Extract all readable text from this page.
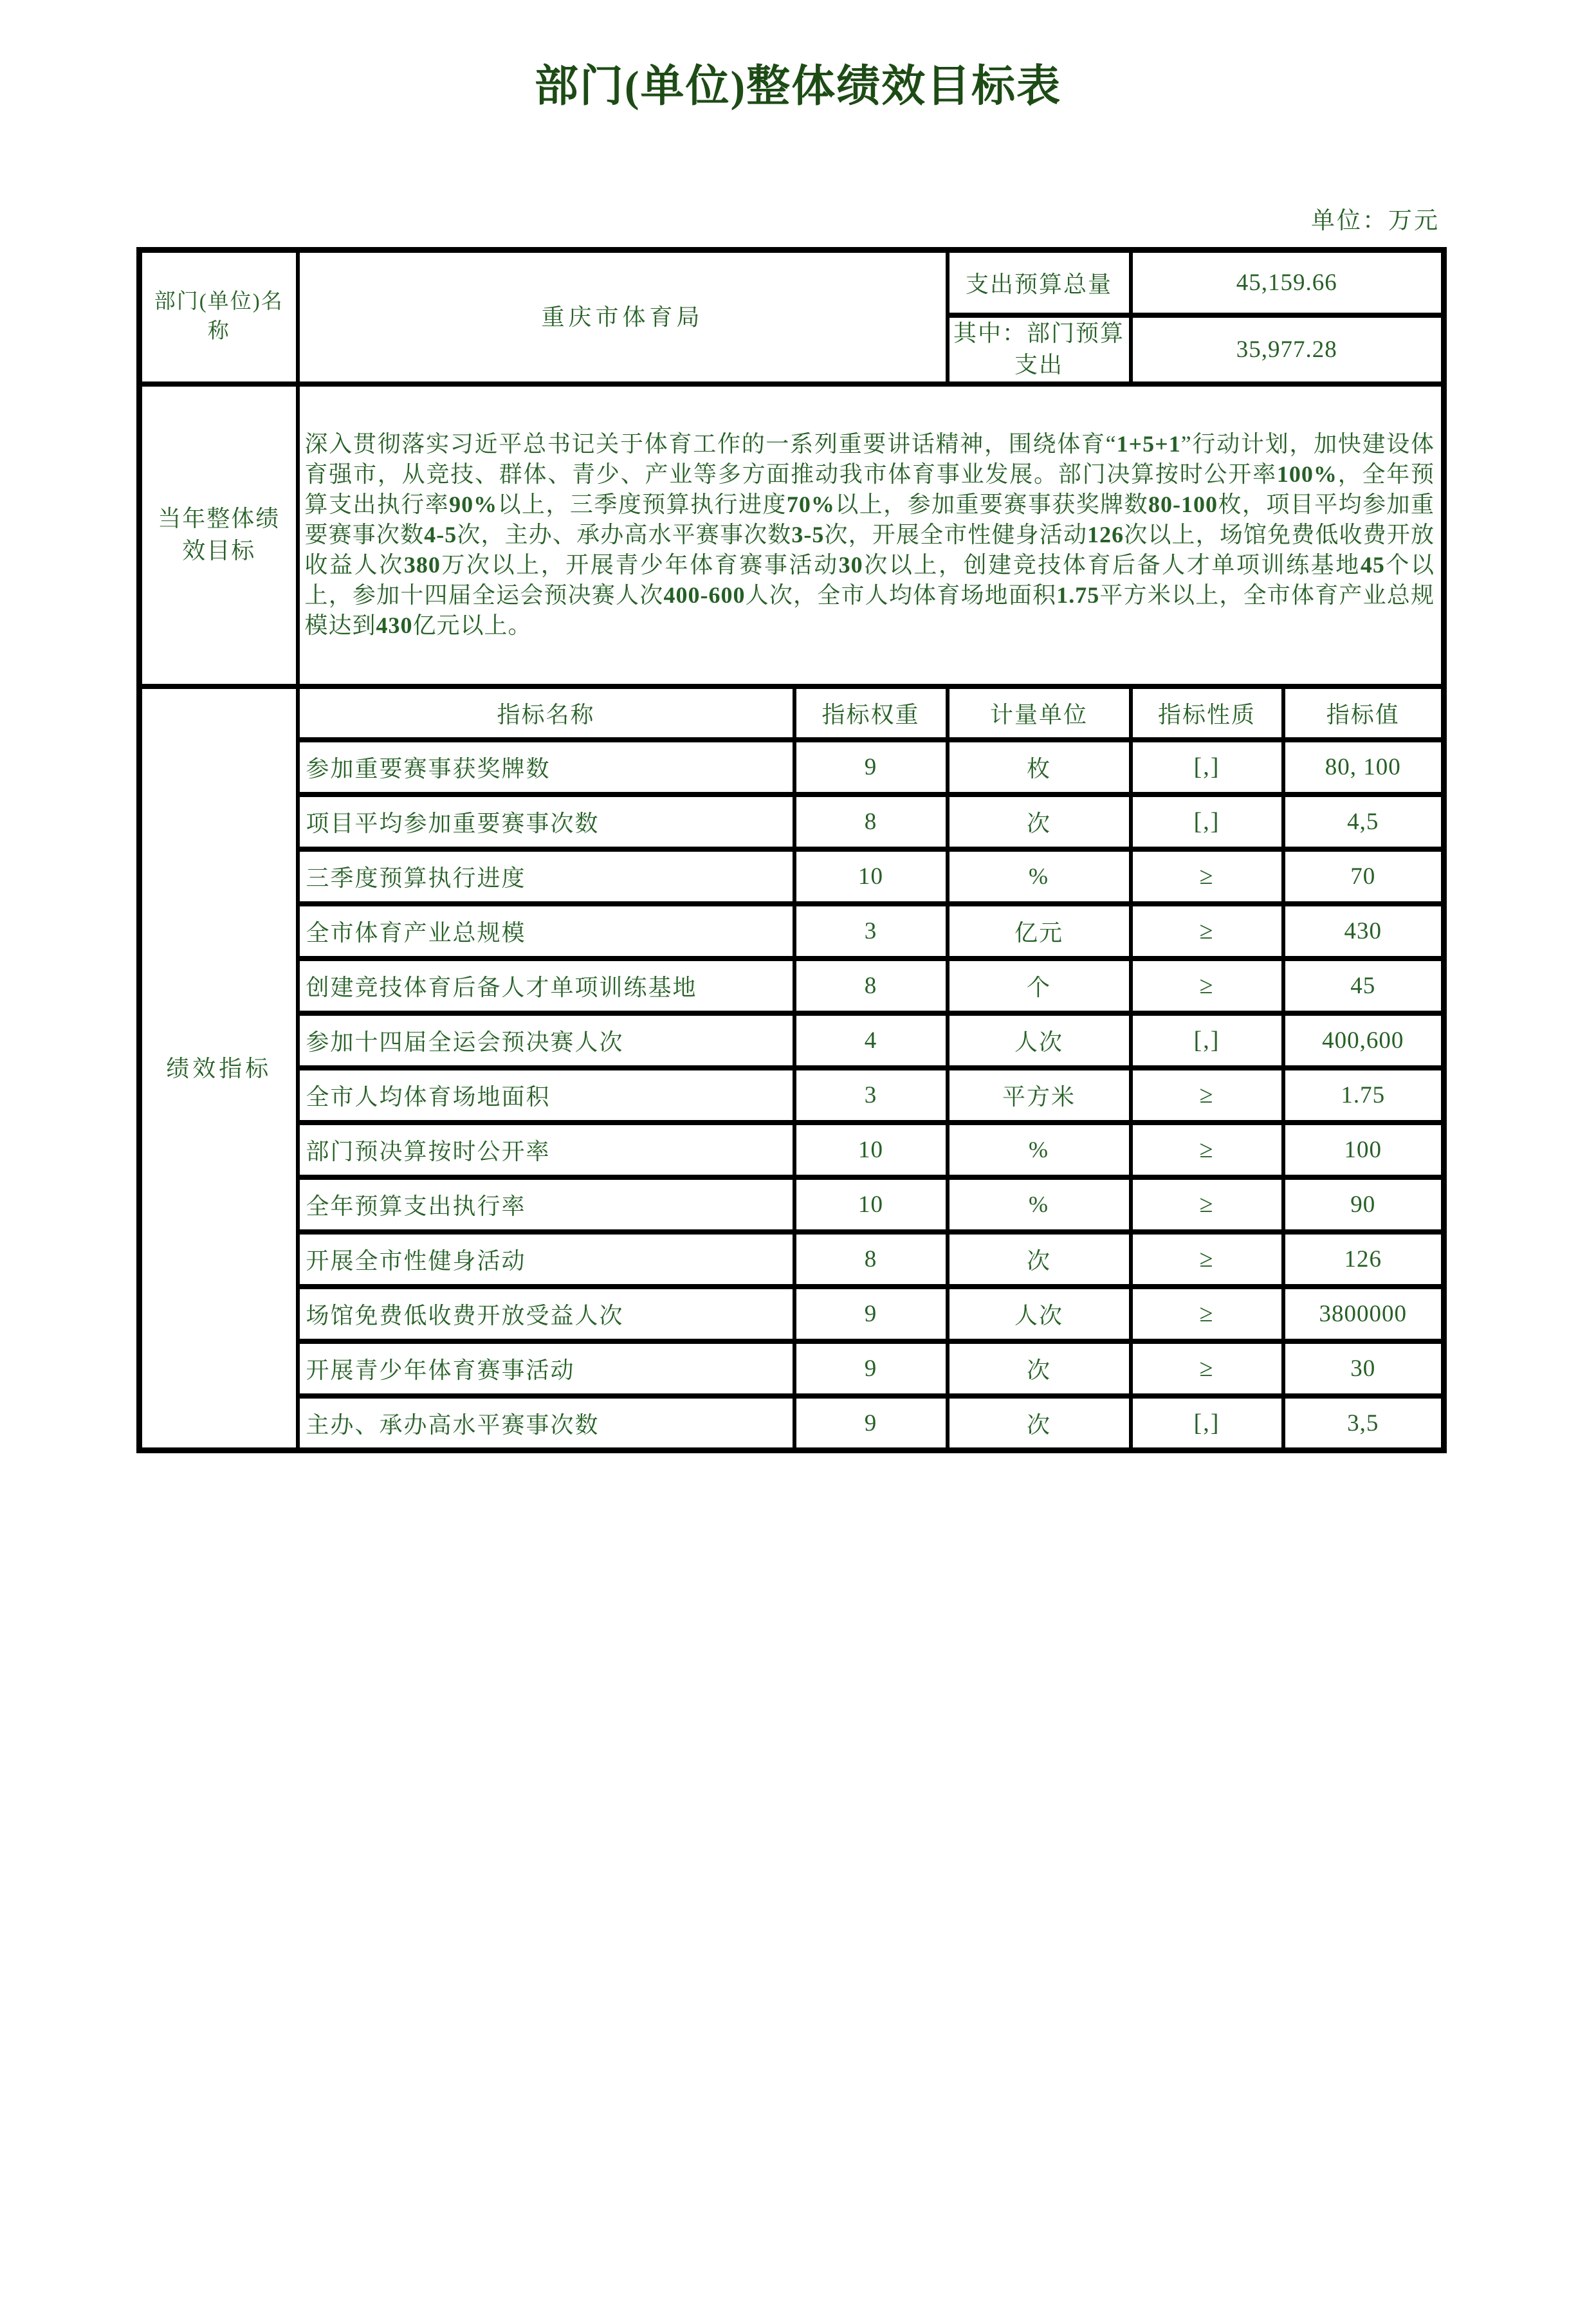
部门(单位)整体绩效目标表
单位：万元
部门(单位)名称	重庆市体育局		支出预算总量	45,159.66	
			其中：部门预算支出	35,977.28	
当年整体绩效目标	深入贯彻落实习近平总书记关于体育工作的一系列重要讲话精神，围绕体育“1+5+1”行动计划，加快建设体育强市，从竞技、群体、青少、产业等多方面推动我市体育事业发展。部门决算按时公开率100%，全年预算支出执行率90%以上，三季度预算执行进度70%以上，参加重要赛事获奖牌数80-100枚，项目平均参加重要赛事次数4-5次，主办、承办高水平赛事次数3-5次，开展全市性健身活动126次以上，场馆免费低收费开放收益人次380万次以上，开展青少年体育赛事活动30次以上，创建竞技体育后备人才单项训练基地45个以上，参加十四届全运会预决赛人次400-600人次，全市人均体育场地面积1.75平方米以上，全市体育产业总规模达到430亿元以上。				
绩效指标	指标名称	指标权重	计量单位	指标性质	指标值
	参加重要赛事获奖牌数	9	枚	[,]	80, 100
	项目平均参加重要赛事次数	8	次	[,]	4,5
	三季度预算执行进度	10	%	≥	70
	全市体育产业总规模	3	亿元	≥	430
	创建竞技体育后备人才单项训练基地	8	个	≥	45
	参加十四届全运会预决赛人次	4	人次	[,]	400,600
	全市人均体育场地面积	3	平方米	≥	1.75
	部门预决算按时公开率	10	%	≥	100
	全年预算支出执行率	10	%	≥	90
	开展全市性健身活动	8	次	≥	126
	场馆免费低收费开放受益人次	9	人次	≥	3800000
	开展青少年体育赛事活动	9	次	≥	30
	主办、承办高水平赛事次数	9	次	[,]	3,5
